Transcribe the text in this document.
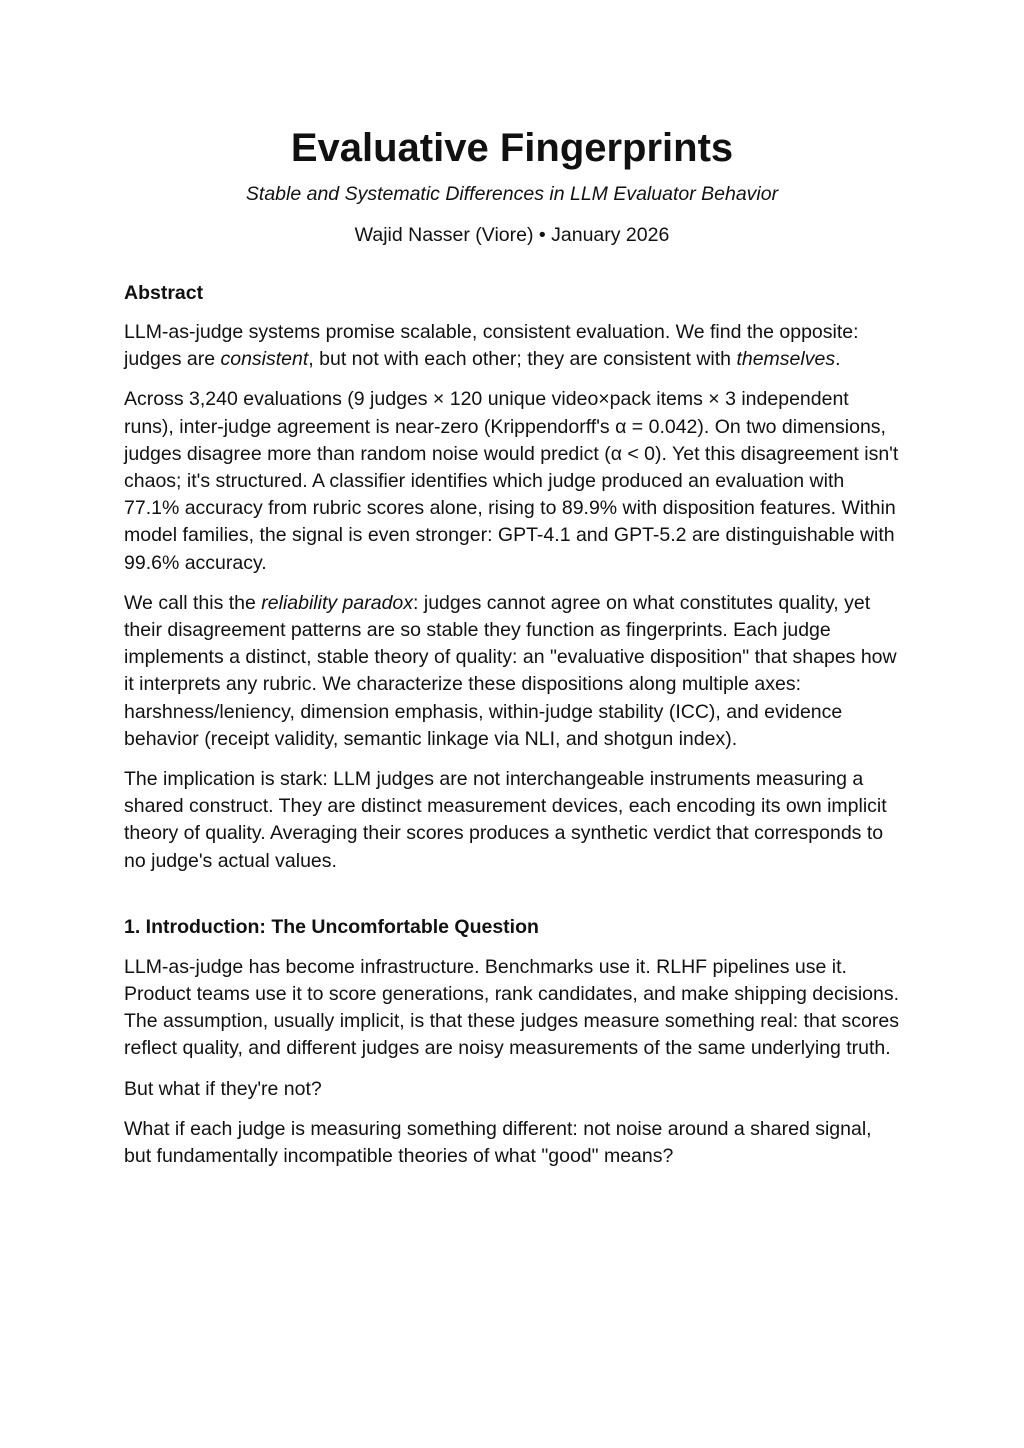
Evaluative Fingerprints
Stable and Systematic Differences in LLM Evaluator Behavior
Wajid Nasser (Viore) • January 2026
Abstract

LLM-as-judge systems promise scalable, consistent evaluation. We find the opposite: judges are consistent, but not with each other; they are consistent with themselves.

Across 3,240 evaluations (9 judges × 120 unique video×pack items × 3 independent runs), inter-judge agreement is near-zero (Krippendorff's α = 0.042). On two dimensions, judges disagree more than random noise would predict (α < 0). Yet this disagreement isn't chaos; it's structured. A classifier identifies which judge produced an evaluation with 77.1% accuracy from rubric scores alone, rising to 89.9% with disposition features. Within model families, the signal is even stronger: GPT-4.1 and GPT-5.2 are distinguishable with 99.6% accuracy.

We call this the reliability paradox: judges cannot agree on what constitutes quality, yet their disagreement patterns are so stable they function as fingerprints. Each judge implements a distinct, stable theory of quality: an "evaluative disposition" that shapes how it interprets any rubric. We characterize these dispositions along multiple axes: harshness/leniency, dimension emphasis, within-judge stability (ICC), and evidence behavior (receipt validity, semantic linkage via NLI, and shotgun index).

The implication is stark: LLM judges are not interchangeable instruments measuring a shared construct. They are distinct measurement devices, each encoding its own implicit theory of quality. Averaging their scores produces a synthetic verdict that corresponds to no judge's actual values.

1. Introduction: The Uncomfortable Question

LLM-as-judge has become infrastructure. Benchmarks use it. RLHF pipelines use it. Product teams use it to score generations, rank candidates, and make shipping decisions. The assumption, usually implicit, is that these judges measure something real: that scores reflect quality, and different judges are noisy measurements of the same underlying truth.

But what if they're not?

What if each judge is measuring something different: not noise around a shared signal, but fundamentally incompatible theories of what "good" means?
